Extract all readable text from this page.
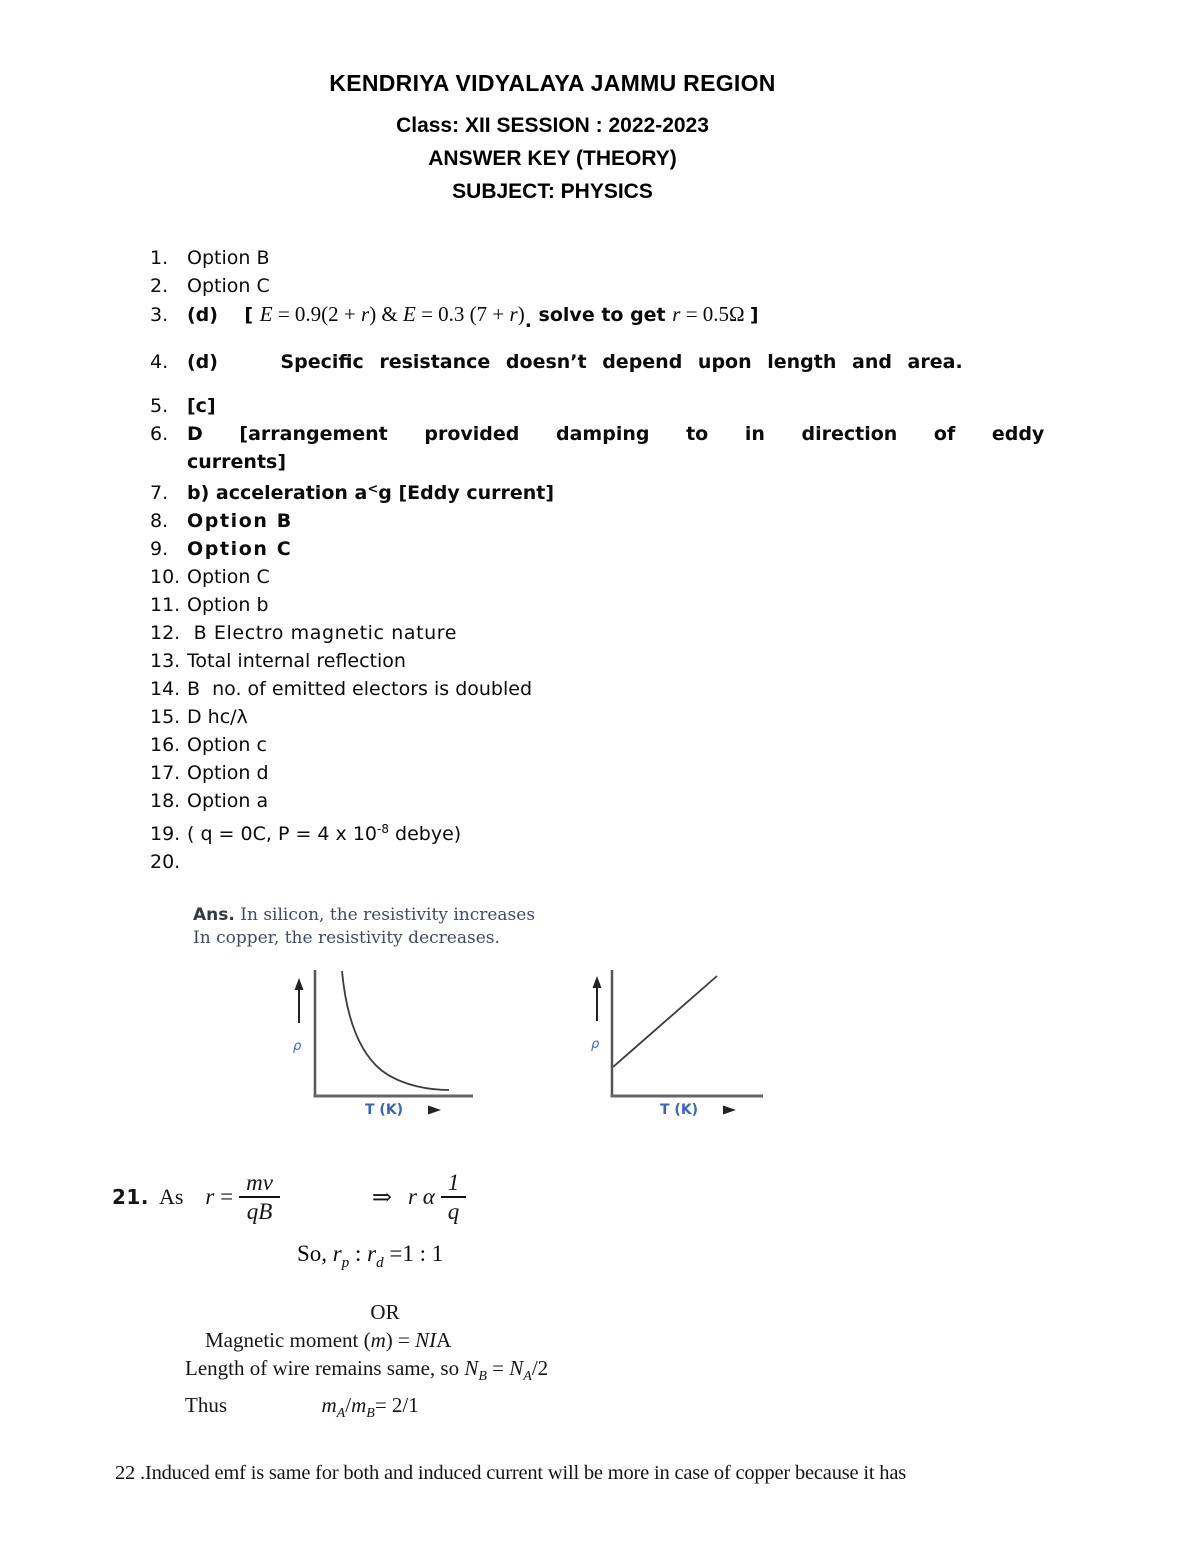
KENDRIYA VIDYALAYA JAMMU REGION
Class: XII SESSION : 2022-2023
ANSWER KEY (THEORY)
SUBJECT: PHYSICS
1. Option B
2. Option C
3. (d)    [ E = 0.9(2 + r) & E = 0.3 (7 + r). solve to get r = 0.5Ω ]
4. (d)    Specific resistance doesn’t depend upon length and area.
5. [c]
6. D [arrangement provided damping to in direction of eddy
currents]
7. b) acceleration a<g [Eddy current]
8. Option B
9. Option C
10. Option C
11. Option b
12. B Electro magnetic nature
13. Total internal reflection
14. B  no. of emitted electors is doubled
15. D hc/λ
16. Option c
17. Option d
18. Option a
19. ( q = 0C, P = 4 x $10^{-8}$ debye)
20.
Ans. In silicon, the resistivity increases
In copper, the resistivity decreases.
ρ
T (K)
ρ
T (K)
21. As $r = \frac{mv}{qB}$	⇒ r α $\frac{1}{q}$
So, $r_p$ : $r_d =1$ : 1
OR
Magnetic moment (m) = NIA
Length of wire remains same, so $N_B = N_A/2$
Thus                  $m_A/m_B= 2/1$
22 .Induced emf is same for both and induced current will be more in case of copper because it has
